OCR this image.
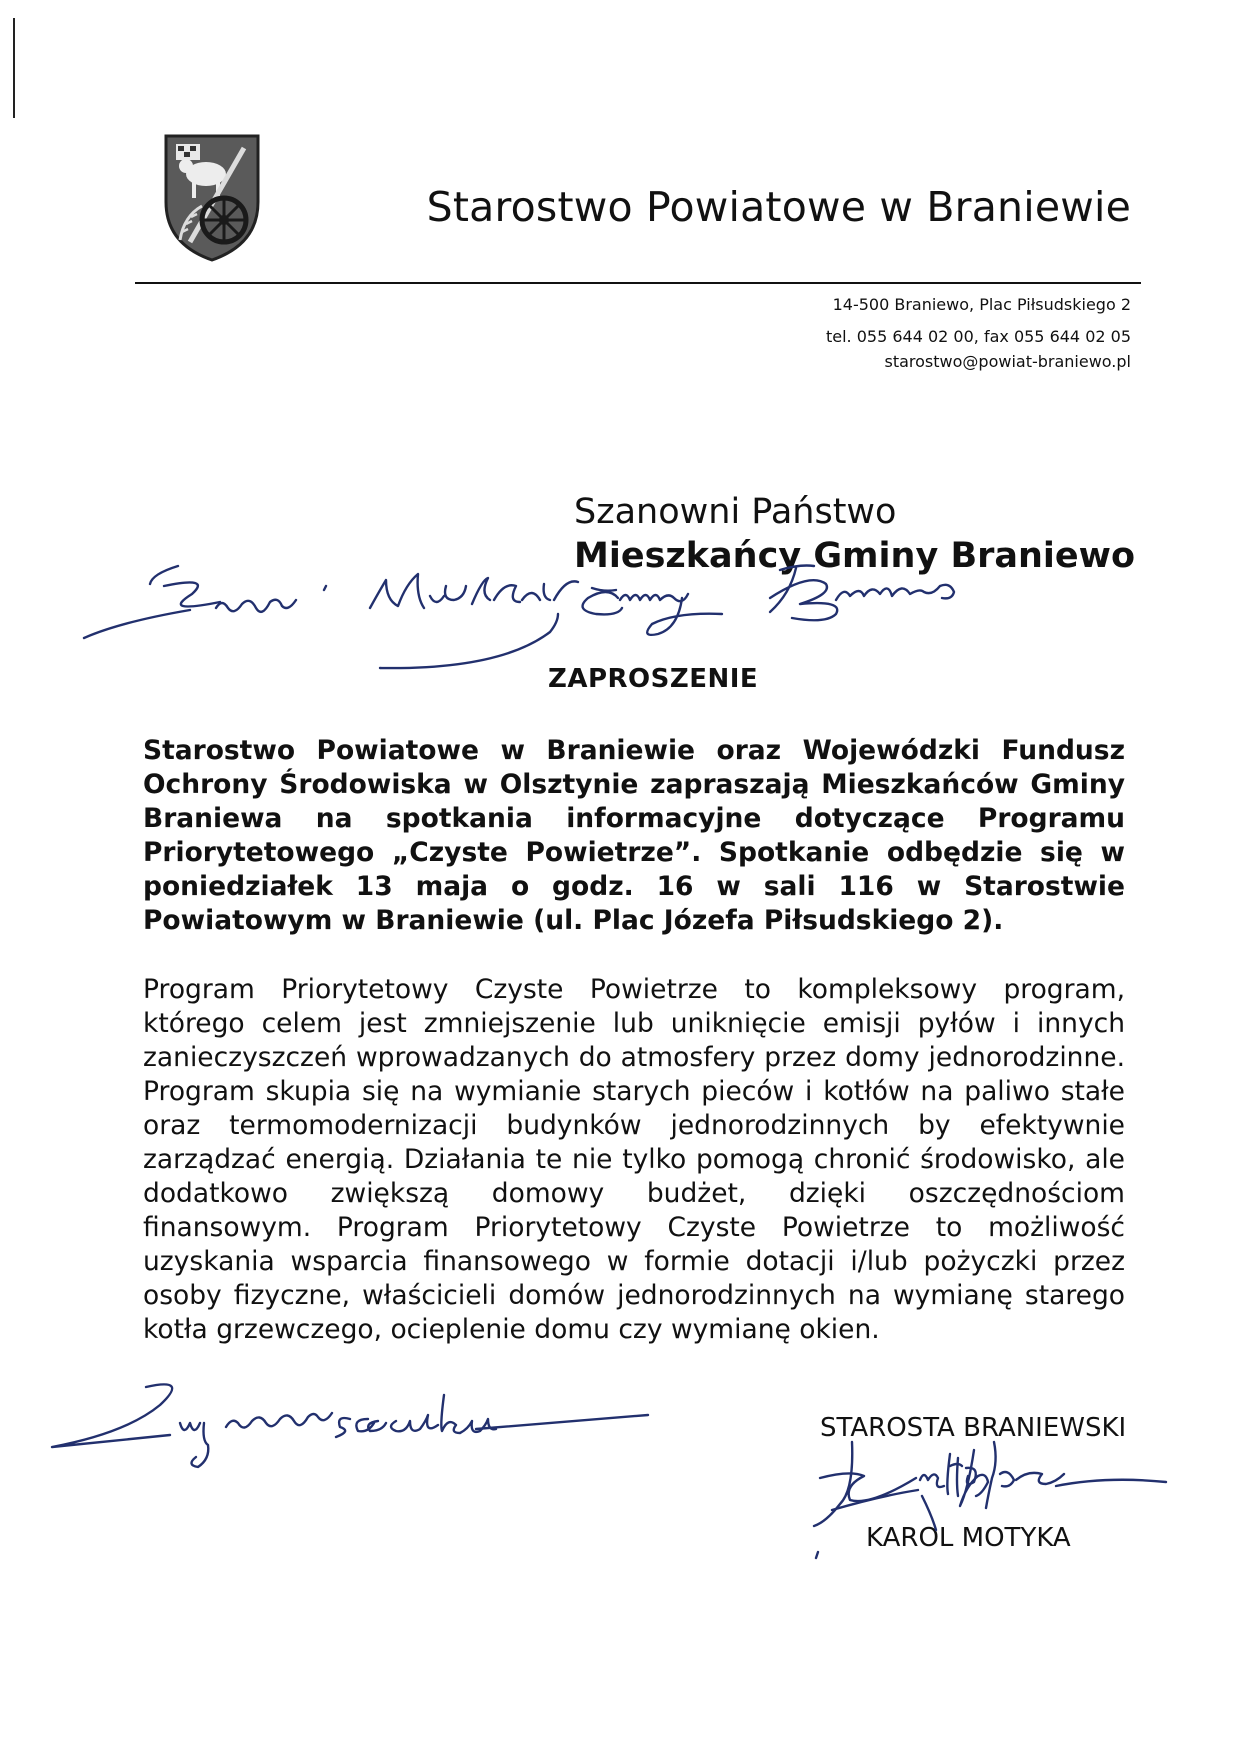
Starostwo Powiatowe w Braniewie
14-500 Braniewo, Plac Piłsudskiego 2
tel. 055 644 02 00, fax 055 644 02 05
starostwo@powiat-braniewo.pl
Szanowni Państwo
Mieszkańcy Gminy Braniewo
ZAPROSZENIE
Starostwo Powiatowe w Braniewie oraz Wojewódzki Fundusz Ochrony Środowiska w Olsztynie zapraszają Mieszkańców Gminy Braniewa na spotkania informacyjne dotyczące Programu Priorytetowego „Czyste Powietrze”. Spotkanie odbędzie się w poniedziałek 13 maja o godz. 16 w sali 116 w Starostwie Powiatowym w Braniewie (ul. Plac Józefa Piłsudskiego 2).
Program Priorytetowy Czyste Powietrze to kompleksowy program, którego celem jest zmniejszenie lub uniknięcie emisji pyłów i innych zanieczyszczeń wprowadzanych do atmosfery przez domy jednorodzinne. Program skupia się na wymianie starych pieców i kotłów na paliwo stałe oraz termomodernizacji budynków jednorodzinnych by efektywnie zarządzać energią. Działania te nie tylko pomogą chronić środowisko, ale dodatkowo zwiększą domowy budżet, dzięki oszczędnościom finansowym. Program Priorytetowy Czyste Powietrze to możliwość uzyskania wsparcia finansowego w formie dotacji i/lub pożyczki przez osoby fizyczne, właścicieli domów jednorodzinnych na wymianę starego kotła grzewczego, ocieplenie domu czy wymianę okien.
STAROSTA BRANIEWSKI
KAROL MOTYKA
